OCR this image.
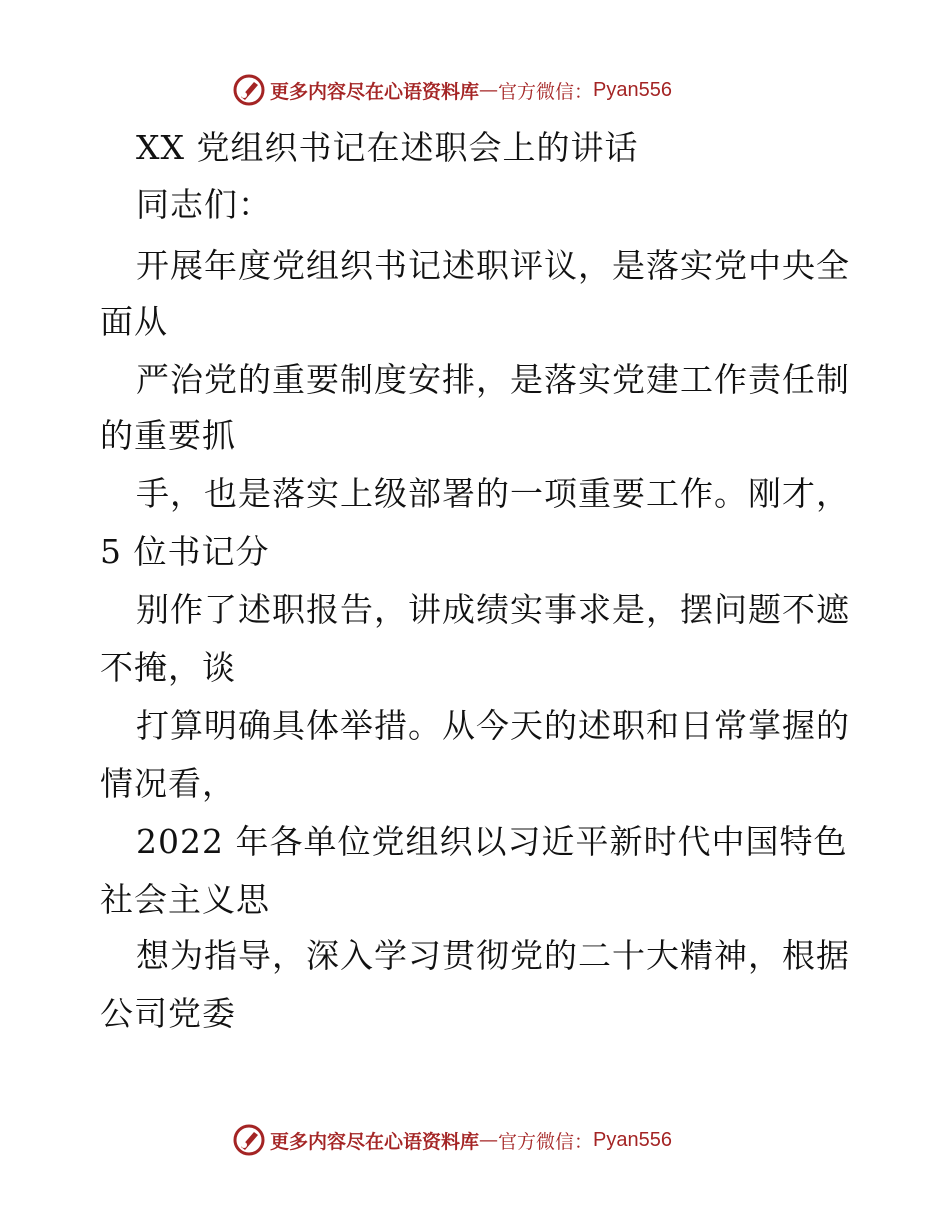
更多内容尽在心语资料库 — 官方微信： Pyan556
XX 党组织书记在述职会上的讲话
同志们：
开展年度党组织书记述职评议，是落实党中央全
面从
严治党的重要制度安排，是落实党建工作责任制
的重要抓
手，也是落实上级部署的一项重要工作。刚才，
5 位书记分
别作了述职报告，讲成绩实事求是，摆问题不遮
不掩，谈
打算明确具体举措。从今天的述职和日常掌握的
情况看，
2022 年各单位党组织以习近平新时代中国特色
社会主义思
想为指导，深入学习贯彻党的二十大精神，根据
公司党委
更多内容尽在心语资料库 — 官方微信： Pyan556
